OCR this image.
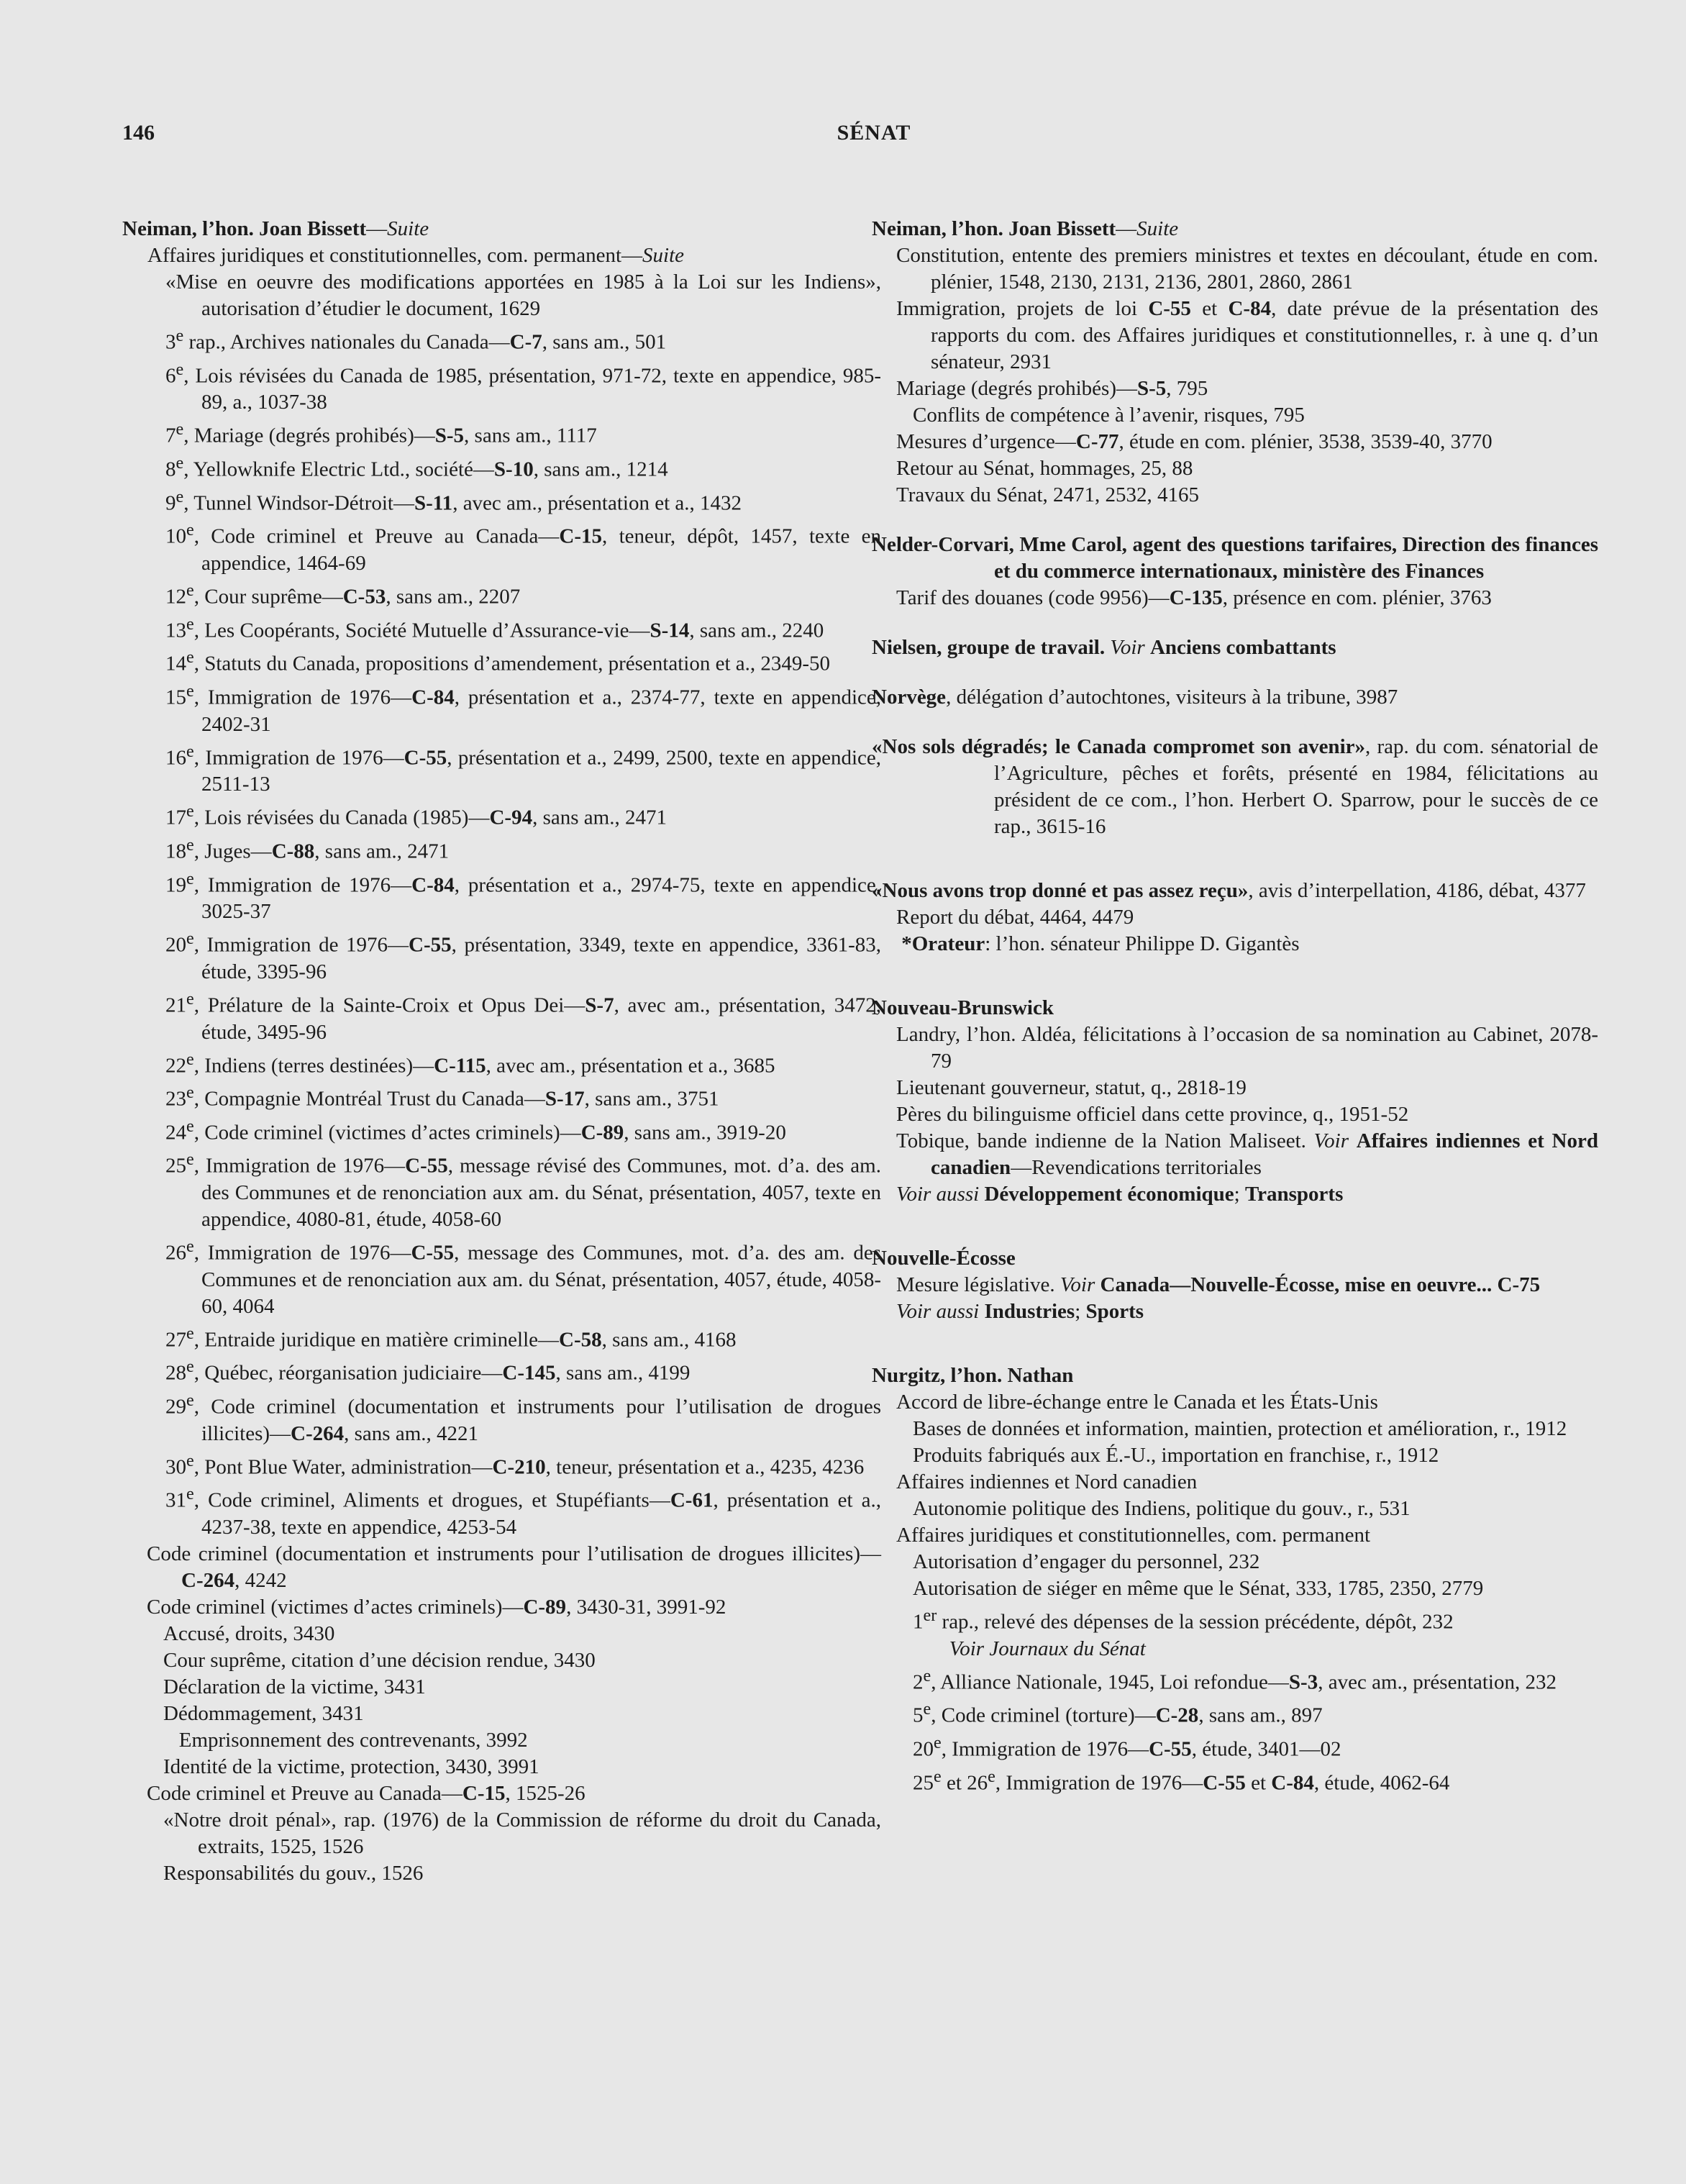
146	SÉNAT
Neiman, l’hon. Joan Bissett—Suite
Affaires juridiques et constitutionnelles, com. permanent—Suite
«Mise en oeuvre des modifications apportées en 1985 à la Loi sur les Indiens», autorisation d’étudier le document, 1629
3e rap., Archives nationales du Canada—C-7, sans am., 501
6e, Lois révisées du Canada de 1985, présentation, 971-72, texte en appendice, 985-89, a., 1037-38
7e, Mariage (degrés prohibés)—S-5, sans am., 1117
8e, Yellowknife Electric Ltd., société—S-10, sans am., 1214
9e, Tunnel Windsor-Détroit—S-11, avec am., présentation et a., 1432
10e, Code criminel et Preuve au Canada—C-15, teneur, dépôt, 1457, texte en appendice, 1464-69
12e, Cour suprême—C-53, sans am., 2207
13e, Les Coopérants, Société Mutuelle d’Assurance-vie—S-14, sans am., 2240
14e, Statuts du Canada, propositions d’amendement, présentation et a., 2349-50
15e, Immigration de 1976—C-84, présentation et a., 2374-77, texte en appendice, 2402-31
16e, Immigration de 1976—C-55, présentation et a., 2499, 2500, texte en appendice, 2511-13
17e, Lois révisées du Canada (1985)—C-94, sans am., 2471
18e, Juges—C-88, sans am., 2471
19e, Immigration de 1976—C-84, présentation et a., 2974-75, texte en appendice, 3025-37
20e, Immigration de 1976—C-55, présentation, 3349, texte en appendice, 3361-83, étude, 3395-96
21e, Prélature de la Sainte-Croix et Opus Dei—S-7, avec am., présentation, 3472, étude, 3495-96
22e, Indiens (terres destinées)—C-115, avec am., présentation et a., 3685
23e, Compagnie Montréal Trust du Canada—S-17, sans am., 3751
24e, Code criminel (victimes d’actes criminels)—C-89, sans am., 3919-20
25e, Immigration de 1976—C-55, message révisé des Communes, mot. d’a. des am. des Communes et de renonciation aux am. du Sénat, présentation, 4057, texte en appendice, 4080-81, étude, 4058-60
26e, Immigration de 1976—C-55, message des Communes, mot. d’a. des am. des Communes et de renonciation aux am. du Sénat, présentation, 4057, étude, 4058-60, 4064
27e, Entraide juridique en matière criminelle—C-58, sans am., 4168
28e, Québec, réorganisation judiciaire—C-145, sans am., 4199
29e, Code criminel (documentation et instruments pour l’utilisation de drogues illicites)—C-264, sans am., 4221
30e, Pont Blue Water, administration—C-210, teneur, présentation et a., 4235, 4236
31e, Code criminel, Aliments et drogues, et Stupéfiants—C-61, présentation et a., 4237-38, texte en appendice, 4253-54
Code criminel (documentation et instruments pour l’utilisation de drogues illicites)—C-264, 4242
Code criminel (victimes d’actes criminels)—C-89, 3430-31, 3991-92
Accusé, droits, 3430
Cour suprême, citation d’une décision rendue, 3430
Déclaration de la victime, 3431
Dédommagement, 3431
Emprisonnement des contrevenants, 3992
Identité de la victime, protection, 3430, 3991
Code criminel et Preuve au Canada—C-15, 1525-26
«Notre droit pénal», rap. (1976) de la Commission de réforme du droit du Canada, extraits, 1525, 1526
Responsabilités du gouv., 1526
Neiman, l’hon. Joan Bissett—Suite
Constitution, entente des premiers ministres et textes en découlant, étude en com. plénier, 1548, 2130, 2131, 2136, 2801, 2860, 2861
Immigration, projets de loi C-55 et C-84, date prévue de la présentation des rapports du com. des Affaires juridiques et constitutionnelles, r. à une q. d’un sénateur, 2931
Mariage (degrés prohibés)—S-5, 795
Conflits de compétence à l’avenir, risques, 795
Mesures d’urgence—C-77, étude en com. plénier, 3538, 3539-40, 3770
Retour au Sénat, hommages, 25, 88
Travaux du Sénat, 2471, 2532, 4165
Nelder-Corvari, Mme Carol, agent des questions tarifaires, Direction des finances et du commerce internationaux, ministère des Finances
Tarif des douanes (code 9956)—C-135, présence en com. plénier, 3763
Nielsen, groupe de travail. Voir Anciens combattants
Norvège, délégation d’autochtones, visiteurs à la tribune, 3987
«Nos sols dégradés; le Canada compromet son avenir», rap. du com. sénatorial de l’Agriculture, pêches et forêts, présenté en 1984, félicitations au président de ce com., l’hon. Herbert O. Sparrow, pour le succès de ce rap., 3615-16
«Nous avons trop donné et pas assez reçu», avis d’interpellation, 4186, débat, 4377
Report du débat, 4464, 4479
*Orateur: l’hon. sénateur Philippe D. Gigantès
Nouveau-Brunswick
Landry, l’hon. Aldéa, félicitations à l’occasion de sa nomination au Cabinet, 2078-79
Lieutenant gouverneur, statut, q., 2818-19
Pères du bilinguisme officiel dans cette province, q., 1951-52
Tobique, bande indienne de la Nation Maliseet. Voir Affaires indiennes et Nord canadien—Revendications territoriales
Voir aussi Développement économique; Transports
Nouvelle-Écosse
Mesure législative. Voir Canada—Nouvelle-Écosse, mise en oeuvre... C-75
Voir aussi Industries; Sports
Nurgitz, l’hon. Nathan
Accord de libre-échange entre le Canada et les États-Unis
Bases de données et information, maintien, protection et amélioration, r., 1912
Produits fabriqués aux É.-U., importation en franchise, r., 1912
Affaires indiennes et Nord canadien
Autonomie politique des Indiens, politique du gouv., r., 531
Affaires juridiques et constitutionnelles, com. permanent
Autorisation d’engager du personnel, 232
Autorisation de siéger en même que le Sénat, 333, 1785, 2350, 2779
1er rap., relevé des dépenses de la session précédente, dépôt, 232
Voir Journaux du Sénat
2e, Alliance Nationale, 1945, Loi refondue—S-3, avec am., présentation, 232
5e, Code criminel (torture)—C-28, sans am., 897
20e, Immigration de 1976—C-55, étude, 3401—02
25e et 26e, Immigration de 1976—C-55 et C-84, étude, 4062-64
